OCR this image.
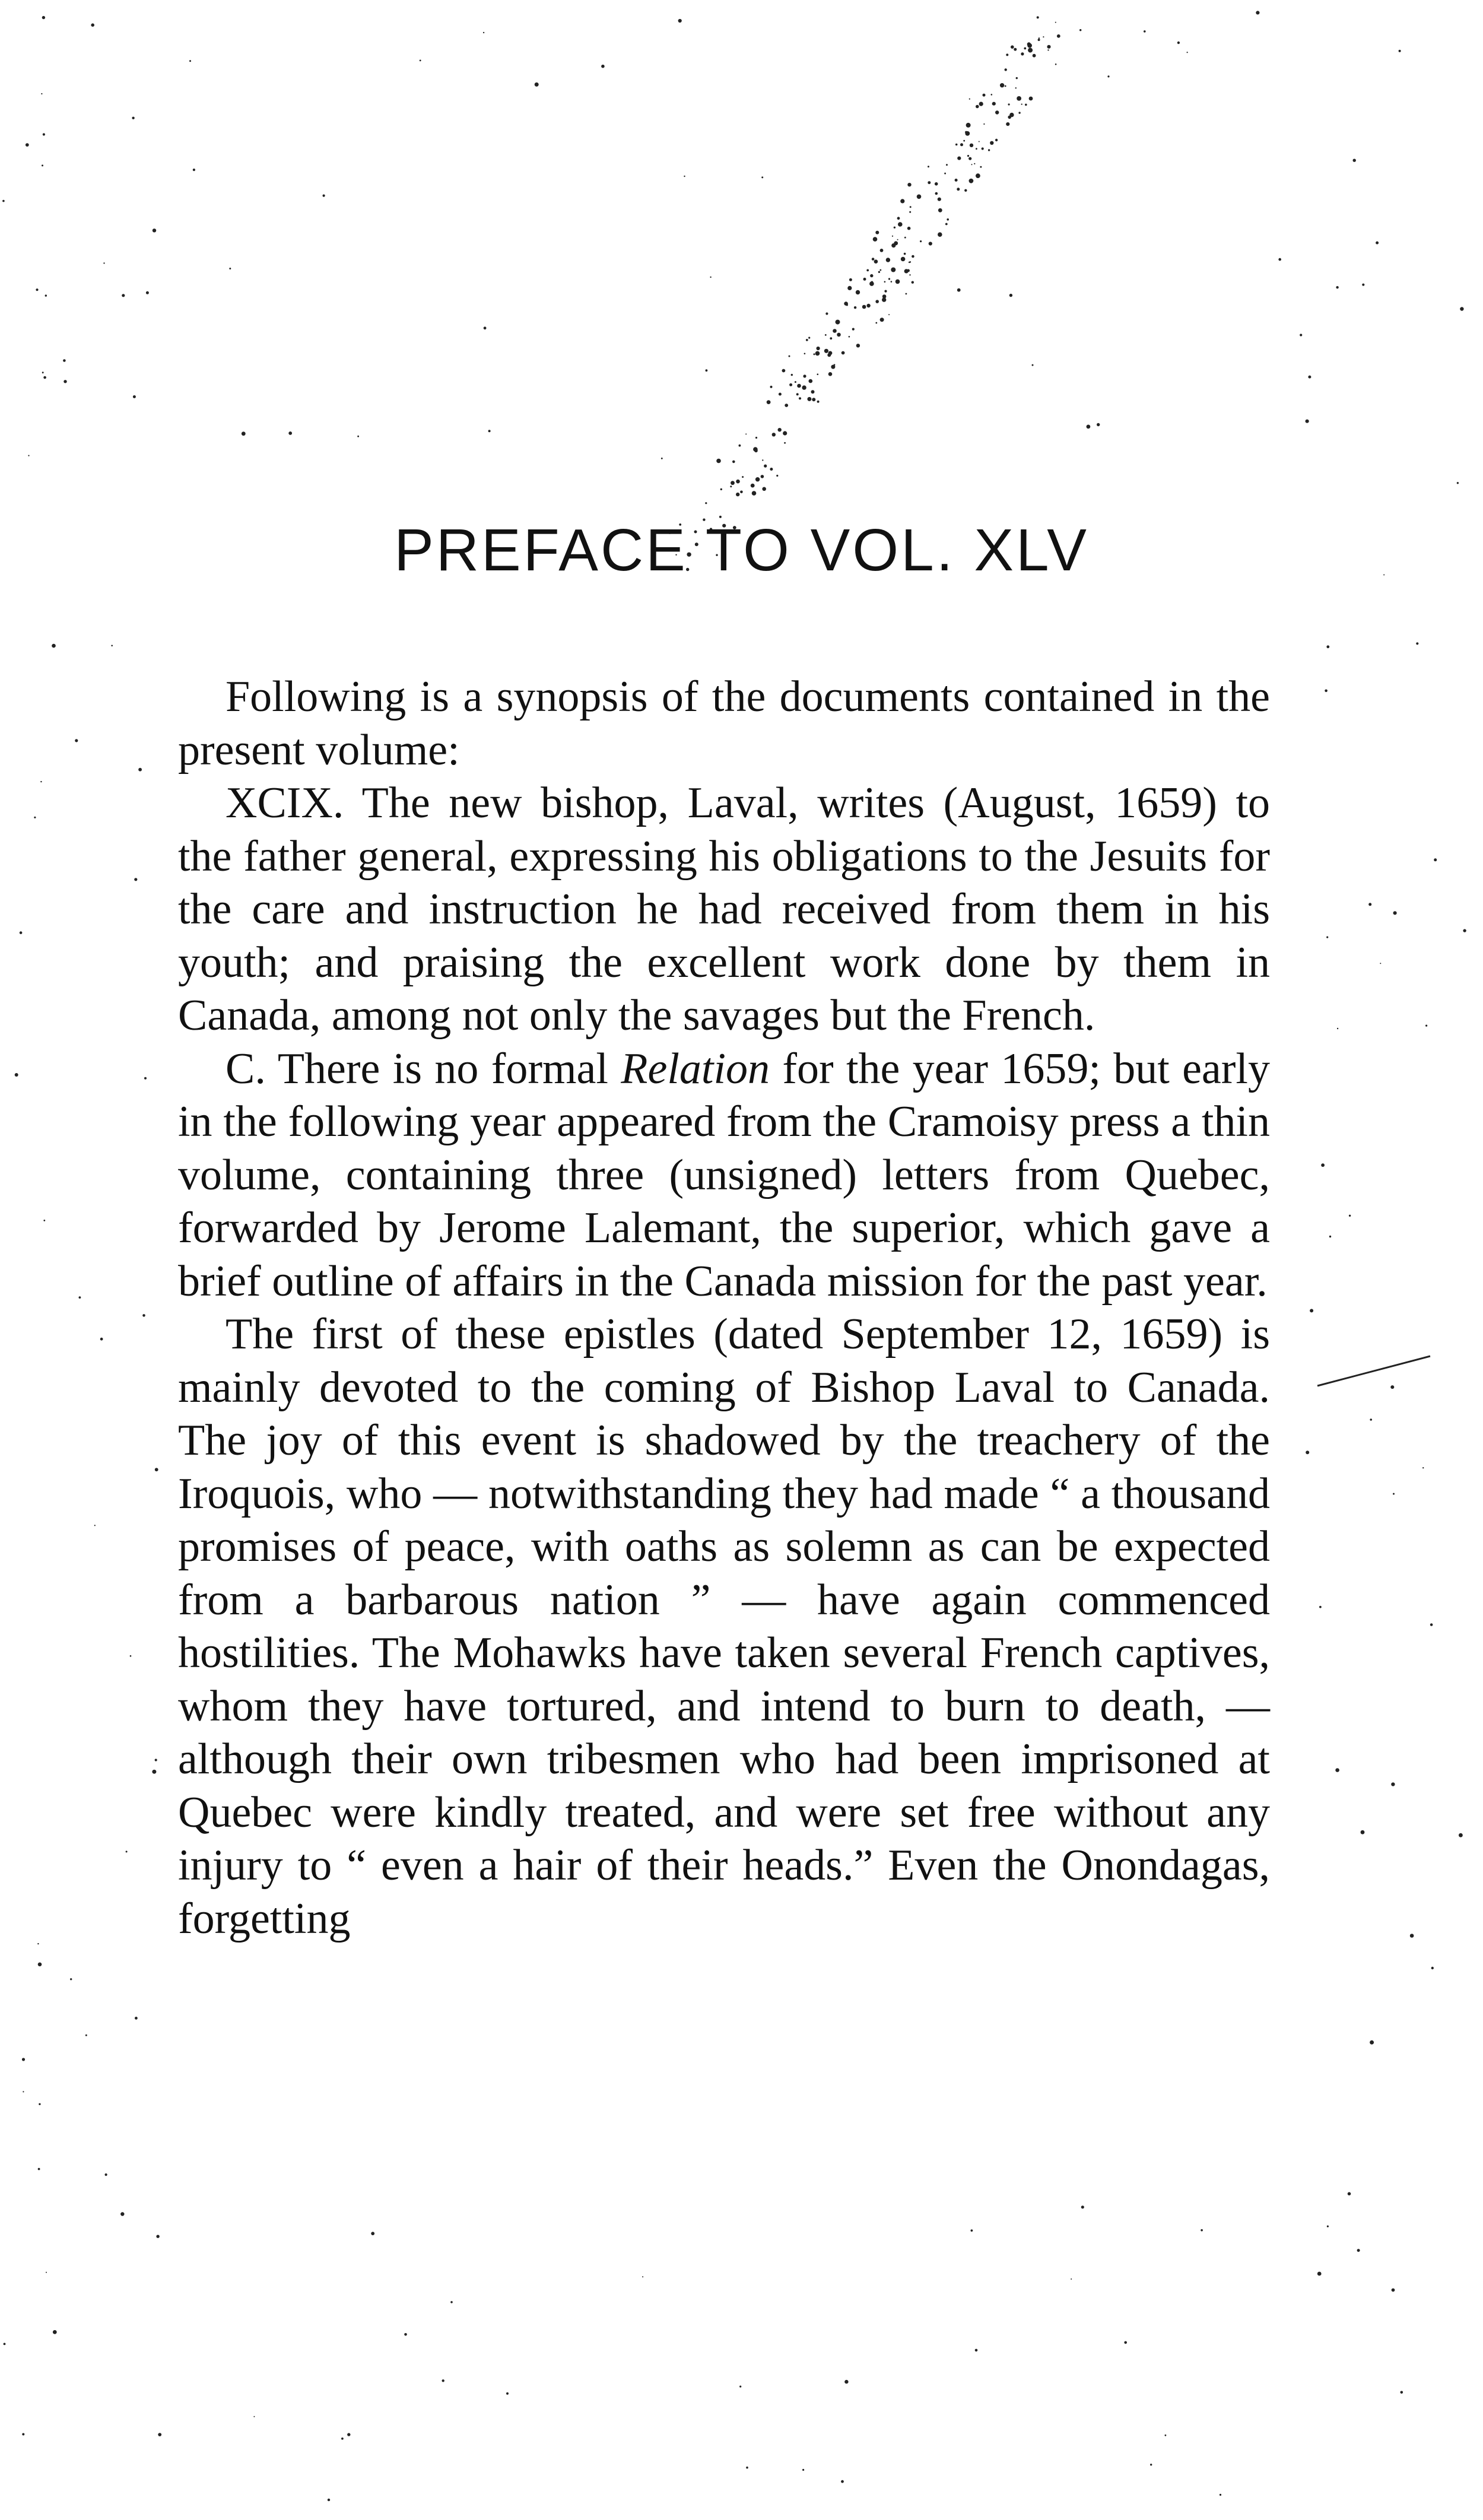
PREFACE TO VOL. XLV

Following is a synopsis of the documents contained in the present volume:

XCIX. The new bishop, Laval, writes (August, 1659) to the father general, expressing his obligations to the Jesuits for the care and instruction he had received from them in his youth; and praising the excellent work done by them in Canada, among not only the savages but the French.

C. There is no formal Relation for the year 1659; but early in the following year appeared from the Cramoisy press a thin volume, containing three (unsigned) letters from Quebec, forwarded by Jerome Lalemant, the superior, which gave a brief outline of affairs in the Canada mission for the past year.

The first of these epistles (dated September 12, 1659) is mainly devoted to the coming of Bishop Laval to Canada. The joy of this event is shadowed by the treachery of the Iroquois, who — notwithstanding they had made “ a thousand promises of peace, with oaths as solemn as can be expected from a barbarous nation ” — have again commenced hostilities. The Mohawks have taken several French captives, whom they have tortured, and intend to burn to death, — although their own tribesmen who had been imprisoned at Quebec were kindly treated, and were set free without any injury to “ even a hair of their heads.” Even the Onondagas, forgetting
